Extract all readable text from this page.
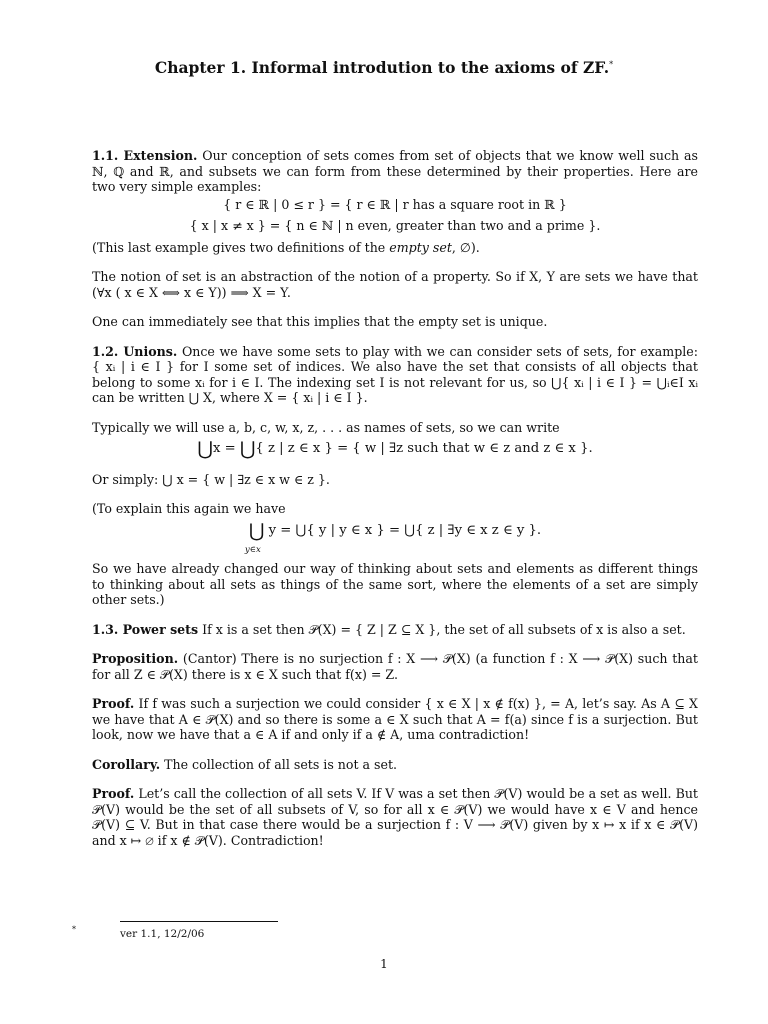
Chapter 1. Informal introdution to the axioms of ZF.*

1.1. Extension. Our conception of sets comes from set of objects that we know well such as ℕ, ℚ and ℝ, and subsets we can form from these determined by their properties. Here are two very simple examples:

{ r ∈ ℝ | 0 ≤ r } = { r ∈ ℝ | r has a square root in ℝ }
{ x | x ≠ x } = { n ∈ ℕ | n even, greater than two and a prime }.

(This last example gives two definitions of the empty set, ∅).

The notion of set is an abstraction of the notion of a property. So if X, Y are sets we have that (∀x ( x ∈ X ⟺ x ∈ Y)) ⟹ X = Y.

One can immediately see that this implies that the empty set is unique.

1.2. Unions. Once we have some sets to play with we can consider sets of sets, for example: { xᵢ | i ∈ I } for I some set of indices. We also have the set that consists of all objects that belong to some xᵢ for i ∈ I. The indexing set I is not relevant for us, so ⋃{ xᵢ | i ∈ I } = ⋃ᵢ∈I xᵢ can be written ⋃ X, where X = { xᵢ | i ∈ I }.

Typically we will use a, b, c, w, x, z, . . . as names of sets, so we can write

⋃x = ⋃{ z | z ∈ x } = { w | ∃z such that w ∈ z and z ∈ x }.

Or simply: ⋃ x = { w | ∃z ∈ x w ∈ z }.

(To explain this again we have

⋃
y∈x
y = ⋃{ y | y ∈ x } = ⋃{ z | ∃y ∈ x z ∈ y }.

So we have already changed our way of thinking about sets and elements as different things to thinking about all sets as things of the same sort, where the elements of a set are simply other sets.)

1.3. Power sets If x is a set then 𝒫(X) = { Z | Z ⊆ X }, the set of all subsets of x is also a set.

Proposition. (Cantor) There is no surjection f : X ⟶ 𝒫(X) (a function f : X ⟶ 𝒫(X) such that for all Z ∈ 𝒫(X) there is x ∈ X such that f(x) = Z.

Proof. If f was such a surjection we could consider { x ∈ X | x ∉ f(x) }, = A, let’s say. As A ⊆ X we have that A ∈ 𝒫(X) and so there is some a ∈ X such that A = f(a) since f is a surjection. But look, now we have that a ∈ A if and only if a ∉ A, uma contradiction!

Corollary. The collection of all sets is not a set.

Proof. Let’s call the collection of all sets V. If V was a set then 𝒫(V) would be a set as well. But 𝒫(V) would be the set of all subsets of V, so for all x ∈ 𝒫(V) we would have x ∈ V and hence 𝒫(V) ⊆ V. But in that case there would be a surjection f : V ⟶ 𝒫(V) given by x ↦ x if x ∈ 𝒫(V) and x ↦ ∅ if x ∉ 𝒫(V). Contradiction!

*	ver 1.1, 12/2/06
1
